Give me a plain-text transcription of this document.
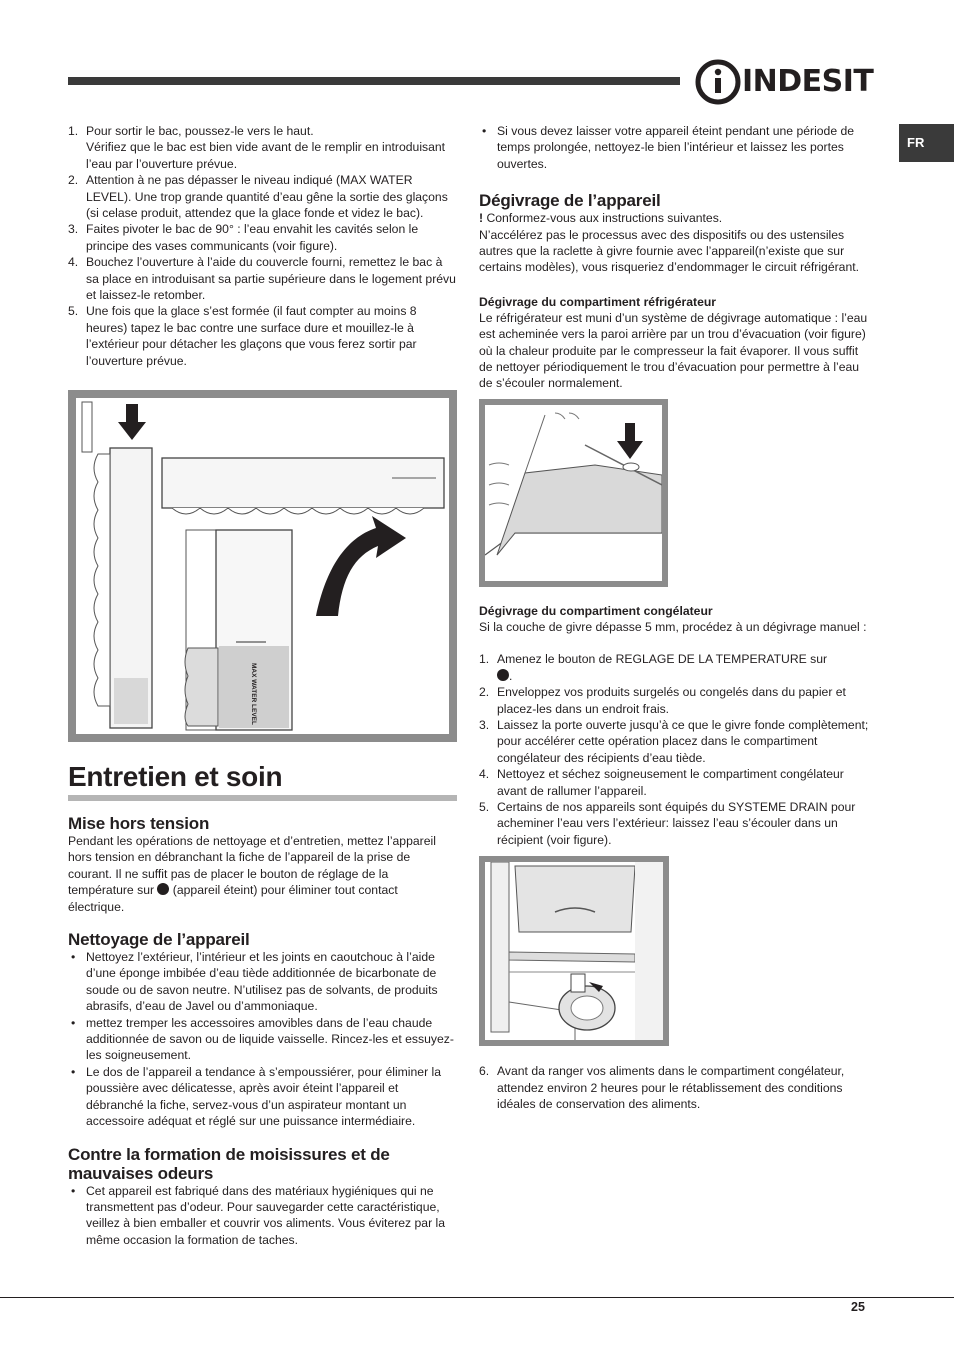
INDESIT
FR
1. Pour sortir le bac, poussez-le vers le haut.
Vérifiez que le bac est bien vide avant de le remplir en introduisant l’eau par l’ouverture prévue.
2. Attention à ne pas dépasser le niveau indiqué (MAX WATER LEVEL). Une trop grande quantité d’eau gêne la sortie des glaçons (si celase produit, attendez que la glace fonde et videz le bac).
3. Faites pivoter le bac de 90° : l’eau envahit les cavités selon le principe des vases communicants (voir figure).
4. Bouchez l’ouverture à l’aide du couvercle fourni, remettez le bac à sa place en introduisant sa partie supérieure dans le logement prévu et laissez-le retomber.
5. Une fois que la glace s’est formée (il faut compter au moins 8 heures) tapez le bac contre une surface dure et mouillez-le à l’extérieur pour détacher les glaçons que vous ferez sortir par l’ouverture prévue.
MAX WATER LEVEL
Entretien et soin
Mise hors tension

Pendant les opérations de nettoyage et d’entretien, mettez l’appareil hors tension en débranchant la fiche de l’appareil de la prise de courant. Il ne suffit pas de placer le bouton de réglage de la température sur  (appareil éteint) pour éliminer tout contact électrique.

Nettoyage de l’appareil
• Nettoyez l’extérieur, l’intérieur et les joints en caoutchouc à l’aide d’une éponge imbibée d’eau tiède additionnée de bicarbonate de soude ou de savon neutre. N’utilisez pas de solvants, de produits abrasifs, d’eau de Javel ou d’ammoniaque.
• mettez tremper les accessoires amovibles dans de l’eau chaude additionnée de savon ou de liquide vaisselle. Rincez-les et essuyez-les soigneusement.
• Le dos de l’appareil a tendance à s’empoussiérer, pour éliminer la poussière avec délicatesse, après avoir éteint l’appareil et débranché la fiche, servez-vous d’un aspirateur montant un accessoire adéquat et réglé sur une puissance intermédiaire.
Contre la formation de moisissures et de mauvaises odeurs
• Cet appareil est fabriqué dans des matériaux hygiéniques qui ne transmettent pas d’odeur. Pour sauvegarder cette caractéristique, veillez à bien emballer et couvrir vos aliments. Vous éviterez par la même occasion la formation de taches.
• Si vous devez laisser votre appareil éteint pendant une période de temps prolongée, nettoyez-le bien l’intérieur et laissez les portes ouvertes.
Dégivrage de l’appareil

! Conformez-vous aux instructions suivantes.

N’accélérez pas le processus avec des dispositifs ou des ustensiles autres que la raclette à givre fournie avec l’appareil(n’existe que sur certains modèles), vous risqueriez d’endommager le circuit réfrigérant.

Dégivrage du compartiment réfrigérateur

Le réfrigérateur est muni d’un système de dégivrage automatique : l’eau est acheminée vers la paroi arrière par un trou d’évacuation (voir figure) où la chaleur produite par le compresseur la fait évaporer. Il vous suffit de nettoyer périodiquement le trou d’évacuation pour permettre à l’eau de s’écouler normalement.

Dégivrage du compartiment congélateur

Si la couche de givre dépasse 5 mm, procédez à un dégivrage manuel :

1. Amenez le bouton de REGLAGE DE LA TEMPERATURE sur
.
2. Enveloppez vos produits surgelés ou congelés dans du papier et placez-les dans un endroit frais.
3. Laissez la porte ouverte jusqu’à ce que le givre fonde complètement; pour accélérer cette opération placez dans le compartiment congélateur des récipients d’eau tiède.
4. Nettoyez et séchez soigneusement le compartiment congélateur avant de rallumer l’appareil.
5. Certains de nos appareils sont équipés du SYSTEME DRAIN pour acheminer l’eau vers l’extérieur: laissez l’eau s’écouler dans un récipient (voir figure).
6. Avant da ranger vos aliments dans le compartiment congélateur, attendez environ 2 heures pour le rétablissement des conditions idéales de conservation des aliments.
25
